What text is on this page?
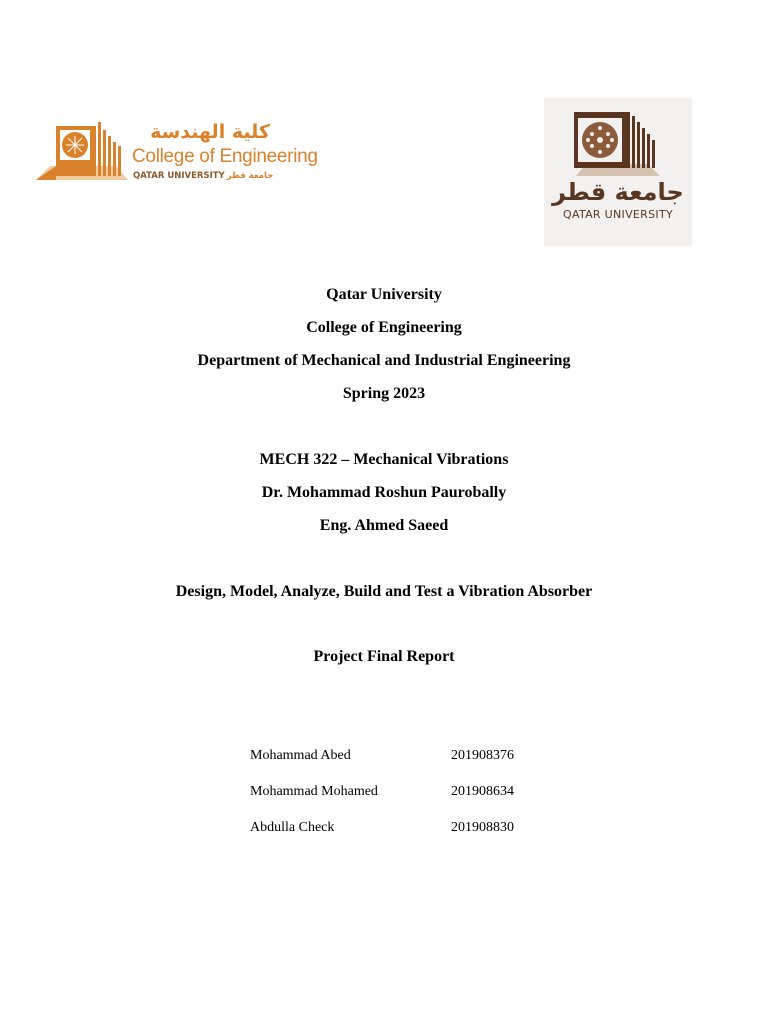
كلية الهندسة
College of Engineering
QATAR UNIVERSITY جامعة قطر
جامعة قطر
QATAR UNIVERSITY
Qatar University
College of Engineering
Department of Mechanical and Industrial Engineering
Spring 2023
MECH 322 – Mechanical Vibrations
Dr. Mohammad Roshun Paurobally
Eng. Ahmed Saeed
Design, Model, Analyze, Build and Test a Vibration Absorber
Project Final Report
Mohammad Abed	201908376
Mohammad Mohamed	201908634
Abdulla Check	201908830
